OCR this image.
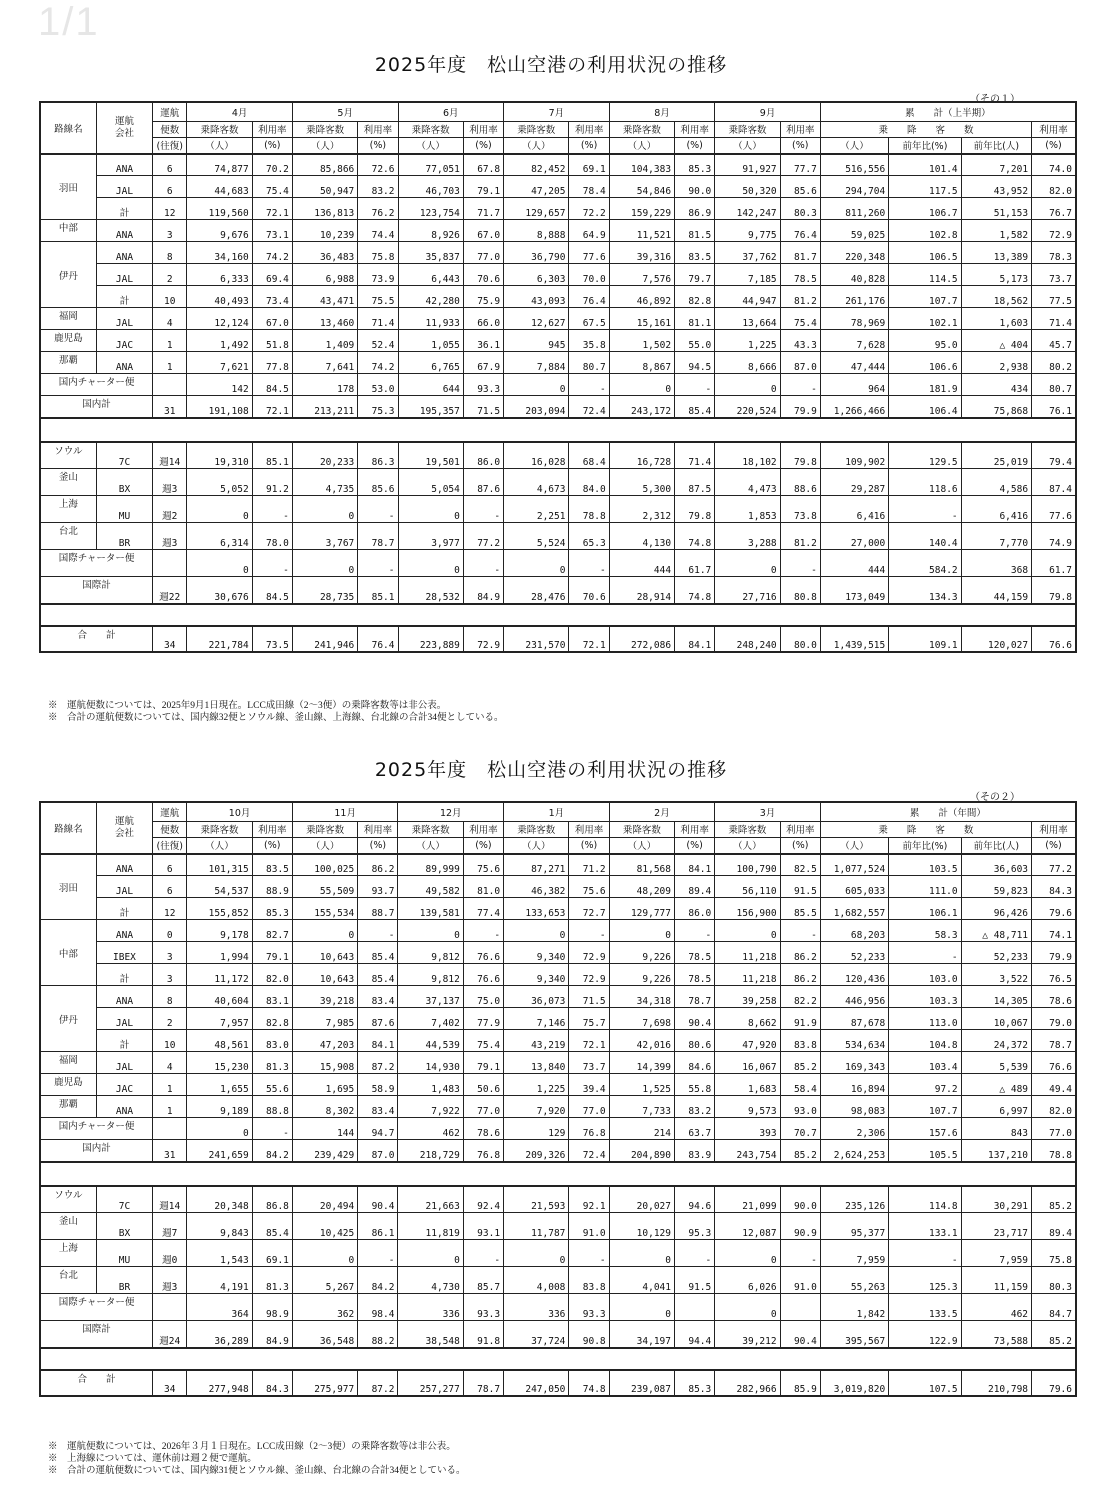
1/1
2025年度　松山空港の利用状況の推移
（その１）
路線名	運航
会社	運航	4月		5月		6月		7月		8月		9月		累　　計（上半期）			
		便数	乗降客数	利用率	乗降客数	利用率	乗降客数	利用率	乗降客数	利用率	乗降客数	利用率	乗降客数	利用率	乗　　降　　客　　数			利用率
		(往復)	（人）	(%)	（人）	(%)	（人）	(%)	（人）	(%)	（人）	(%)	（人）	(%)	（人）	前年比(%)	前年比(人)	(%)
羽田	ANA	6	74,877	70.2	85,866	72.6	77,051	67.8	82,452	69.1	104,383	85.3	91,927	77.7	516,556	101.4	7,201	74.0
	JAL	6	44,683	75.4	50,947	83.2	46,703	79.1	47,205	78.4	54,846	90.0	50,320	85.6	294,704	117.5	43,952	82.0
	計	12	119,560	72.1	136,813	76.2	123,754	71.7	129,657	72.2	159,229	86.9	142,247	80.3	811,260	106.7	51,153	76.7
中部	ANA	3	9,676	73.1	10,239	74.4	8,926	67.0	8,888	64.9	11,521	81.5	9,775	76.4	59,025	102.8	1,582	72.9
伊丹	ANA	8	34,160	74.2	36,483	75.8	35,837	77.0	36,790	77.6	39,316	83.5	37,762	81.7	220,348	106.5	13,389	78.3
	JAL	2	6,333	69.4	6,988	73.9	6,443	70.6	6,303	70.0	7,576	79.7	7,185	78.5	40,828	114.5	5,173	73.7
	計	10	40,493	73.4	43,471	75.5	42,280	75.9	43,093	76.4	46,892	82.8	44,947	81.2	261,176	107.7	18,562	77.5
福岡	JAL	4	12,124	67.0	13,460	71.4	11,933	66.0	12,627	67.5	15,161	81.1	13,664	75.4	78,969	102.1	1,603	71.4
鹿児島	JAC	1	1,492	51.8	1,409	52.4	1,055	36.1	945	35.8	1,502	55.0	1,225	43.3	7,628	95.0	△ 404	45.7
那覇	ANA	1	7,621	77.8	7,641	74.2	6,765	67.9	7,884	80.7	8,867	94.5	8,666	87.0	47,444	106.6	2,938	80.2
国内チャーター便			142	84.5	178	53.0	644	93.3	0	-	0	-	0	-	964	181.9	434	80.7
国内計		31	191,108	72.1	213,211	75.3	195,357	71.5	203,094	72.4	243,172	85.4	220,524	79.9	1,266,466	106.4	75,868	76.1

ソウル	7C	週14	19,310	85.1	20,233	86.3	19,501	86.0	16,028	68.4	16,728	71.4	18,102	79.8	109,902	129.5	25,019	79.4
釜山	BX	週3	5,052	91.2	4,735	85.6	5,054	87.6	4,673	84.0	5,300	87.5	4,473	88.6	29,287	118.6	4,586	87.4
上海	MU	週2	0	-	0	-	0	-	2,251	78.8	2,312	79.8	1,853	73.8	6,416	-	6,416	77.6
台北	BR	週3	6,314	78.0	3,767	78.7	3,977	77.2	5,524	65.3	4,130	74.8	3,288	81.2	27,000	140.4	7,770	74.9
国際チャーター便			0	-	0	-	0	-	0	-	444	61.7	0	-	444	584.2	368	61.7
国際計		週22	30,676	84.5	28,735	85.1	28,532	84.9	28,476	70.6	28,914	74.8	27,716	80.8	173,049	134.3	44,159	79.8

合　　計		34	221,784	73.5	241,946	76.4	223,889	72.9	231,570	72.1	272,086	84.1	248,240	80.0	1,439,515	109.1	120,027	76.6
※　運航便数については、2025年9月1日現在。LCC成田線（2～3便）の乗降客数等は非公表。
※　合計の運航便数については、国内線32便とソウル線、釜山線、上海線、台北線の合計34便としている。
2025年度　松山空港の利用状況の推移
（その２）
路線名	運航
会社	運航	10月		11月		12月		1月		2月		3月		累　　計（年間）			
		便数	乗降客数	利用率	乗降客数	利用率	乗降客数	利用率	乗降客数	利用率	乗降客数	利用率	乗降客数	利用率	乗　　降　　客　　数			利用率
		(往復)	（人）	(%)	（人）	(%)	（人）	(%)	（人）	(%)	（人）	(%)	（人）	(%)	（人）	前年比(%)	前年比(人)	(%)
羽田	ANA	6	101,315	83.5	100,025	86.2	89,999	75.6	87,271	71.2	81,568	84.1	100,790	82.5	1,077,524	103.5	36,603	77.2
	JAL	6	54,537	88.9	55,509	93.7	49,582	81.0	46,382	75.6	48,209	89.4	56,110	91.5	605,033	111.0	59,823	84.3
	計	12	155,852	85.3	155,534	88.7	139,581	77.4	133,653	72.7	129,777	86.0	156,900	85.5	1,682,557	106.1	96,426	79.6
中部	ANA	0	9,178	82.7	0	-	0	-	0	-	0	-	0	-	68,203	58.3	△ 48,711	74.1
	IBEX	3	1,994	79.1	10,643	85.4	9,812	76.6	9,340	72.9	9,226	78.5	11,218	86.2	52,233	-	52,233	79.9
	計	3	11,172	82.0	10,643	85.4	9,812	76.6	9,340	72.9	9,226	78.5	11,218	86.2	120,436	103.0	3,522	76.5
伊丹	ANA	8	40,604	83.1	39,218	83.4	37,137	75.0	36,073	71.5	34,318	78.7	39,258	82.2	446,956	103.3	14,305	78.6
	JAL	2	7,957	82.8	7,985	87.6	7,402	77.9	7,146	75.7	7,698	90.4	8,662	91.9	87,678	113.0	10,067	79.0
	計	10	48,561	83.0	47,203	84.1	44,539	75.4	43,219	72.1	42,016	80.6	47,920	83.8	534,634	104.8	24,372	78.7
福岡	JAL	4	15,230	81.3	15,908	87.2	14,930	79.1	13,840	73.7	14,399	84.6	16,067	85.2	169,343	103.4	5,539	76.6
鹿児島	JAC	1	1,655	55.6	1,695	58.9	1,483	50.6	1,225	39.4	1,525	55.8	1,683	58.4	16,894	97.2	△ 489	49.4
那覇	ANA	1	9,189	88.8	8,302	83.4	7,922	77.0	7,920	77.0	7,733	83.2	9,573	93.0	98,083	107.7	6,997	82.0
国内チャーター便			0	-	144	94.7	462	78.6	129	76.8	214	63.7	393	70.7	2,306	157.6	843	77.0
国内計		31	241,659	84.2	239,429	87.0	218,729	76.8	209,326	72.4	204,890	83.9	243,754	85.2	2,624,253	105.5	137,210	78.8

ソウル	7C	週14	20,348	86.8	20,494	90.4	21,663	92.4	21,593	92.1	20,027	94.6	21,099	90.0	235,126	114.8	30,291	85.2
釜山	BX	週7	9,843	85.4	10,425	86.1	11,819	93.1	11,787	91.0	10,129	95.3	12,087	90.9	95,377	133.1	23,717	89.4
上海	MU	週0	1,543	69.1	0	-	0	-	0	-	0	-	0	-	7,959	-	7,959	75.8
台北	BR	週3	4,191	81.3	5,267	84.2	4,730	85.7	4,008	83.8	4,041	91.5	6,026	91.0	55,263	125.3	11,159	80.3
国際チャーター便			364	98.9	362	98.4	336	93.3	336	93.3	0		0		1,842	133.5	462	84.7
国際計		週24	36,289	84.9	36,548	88.2	38,548	91.8	37,724	90.8	34,197	94.4	39,212	90.4	395,567	122.9	73,588	85.2

合　　計		34	277,948	84.3	275,977	87.2	257,277	78.7	247,050	74.8	239,087	85.3	282,966	85.9	3,019,820	107.5	210,798	79.6
※　運航便数については、2026年３月１日現在。LCC成田線（2～3便）の乗降客数等は非公表。
※　上海線については、運休前は週２便で運航。
※　合計の運航便数については、国内線31便とソウル線、釜山線、台北線の合計34便としている。
